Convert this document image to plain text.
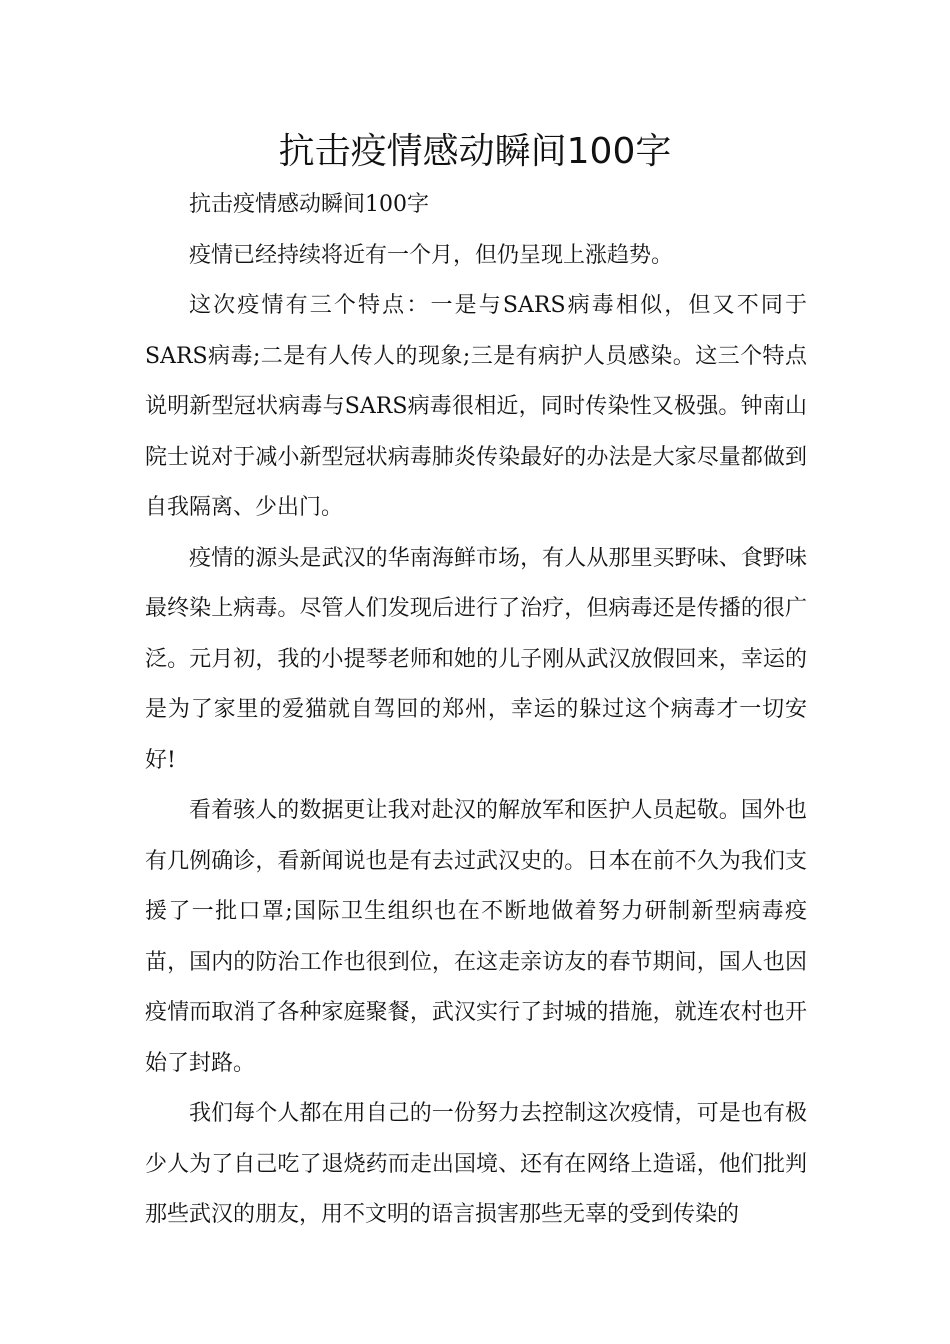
抗击疫情感动瞬间100字

抗击疫情感动瞬间100字

疫情已经持续将近有一个月，但仍呈现上涨趋势。

这次疫情有三个特点：一是与SARS病毒相似，但又不同于SARS病毒;二是有人传人的现象;三是有病护人员感染。这三个特点说明新型冠状病毒与SARS病毒很相近，同时传染性又极强。钟南山院士说对于减小新型冠状病毒肺炎传染最好的办法是大家尽量都做到自我隔离、少出门。

疫情的源头是武汉的华南海鲜市场，有人从那里买野味、食野味最终染上病毒。尽管人们发现后进行了治疗，但病毒还是传播的很广泛。元月初，我的小提琴老师和她的儿子刚从武汉放假回来，幸运的是为了家里的爱猫就自驾回的郑州，幸运的躲过这个病毒才一切安好!

看着骇人的数据更让我对赴汉的解放军和医护人员起敬。国外也有几例确诊，看新闻说也是有去过武汉史的。日本在前不久为我们支援了一批口罩;国际卫生组织也在不断地做着努力研制新型病毒疫苗，国内的防治工作也很到位，在这走亲访友的春节期间，国人也因疫情而取消了各种家庭聚餐，武汉实行了封城的措施，就连农村也开始了封路。

我们每个人都在用自己的一份努力去控制这次疫情，可是也有极少人为了自己吃了退烧药而走出国境、还有在网络上造谣，他们批判那些武汉的朋友，用不文明的语言损害那些无辜的受到传染的
